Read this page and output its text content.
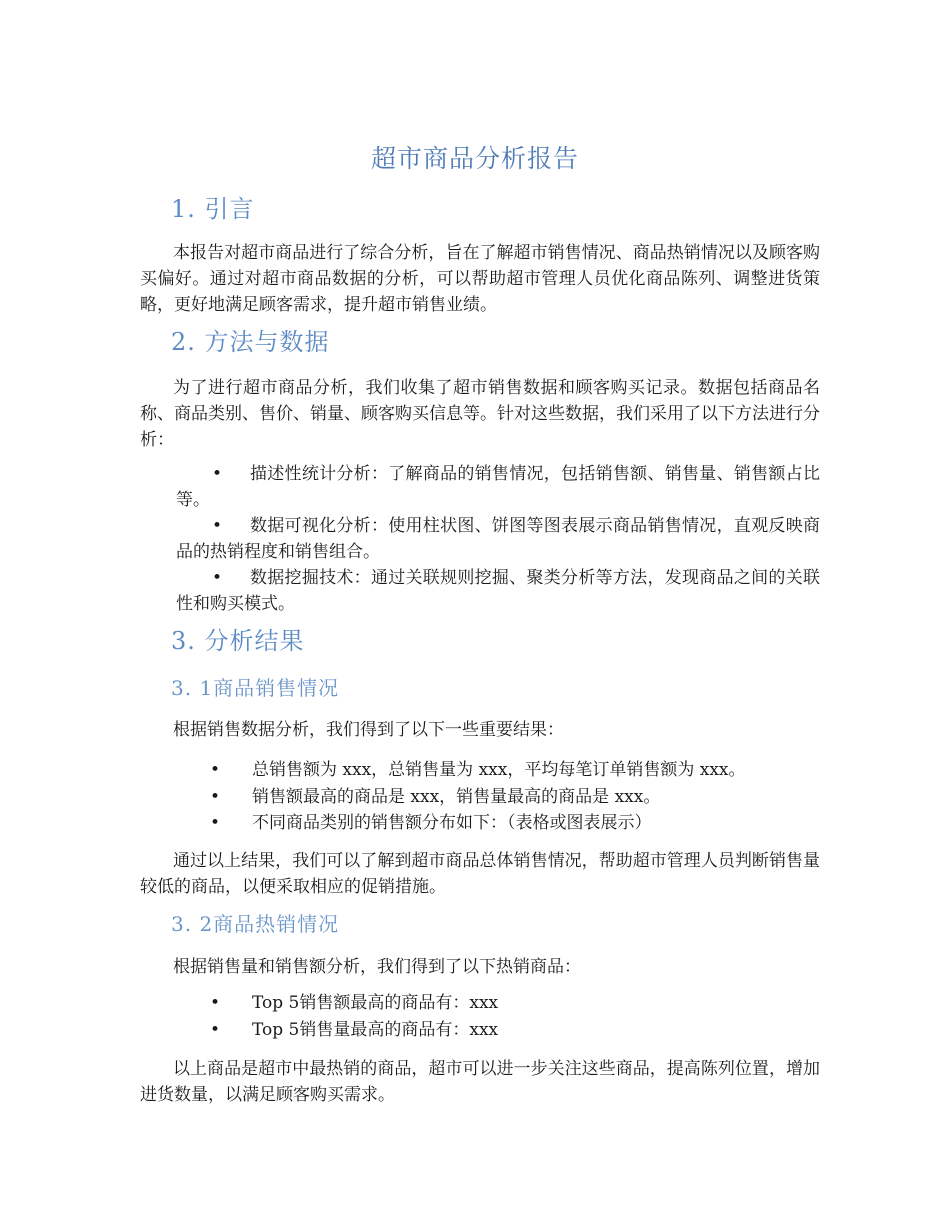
超市商品分析报告
1. 引言

本报告对超市商品进行了综合分析，旨在了解超市销售情况、商品热销情况以及顾客购买偏好。通过对超市商品数据的分析，可以帮助超市管理人员优化商品陈列、调整进货策略，更好地满足顾客需求，提升超市销售业绩。

2. 方法与数据

为了进行超市商品分析，我们收集了超市销售数据和顾客购买记录。数据包括商品名称、商品类别、售价、销量、顾客购买信息等。针对这些数据，我们采用了以下方法进行分析：

• 描述性统计分析：了解商品的销售情况，包括销售额、销售量、销售额占比等。
• 数据可视化分析：使用柱状图、饼图等图表展示商品销售情况，直观反映商品的热销程度和销售组合。
• 数据挖掘技术：通过关联规则挖掘、聚类分析等方法，发现商品之间的关联性和购买模式。
3. 分析结果
3. 1商品销售情况
根据销售数据分析，我们得到了以下一些重要结果：
• 总销售额为 xxx，总销售量为 xxx，平均每笔订单销售额为 xxx。
• 销售额最高的商品是 xxx，销售量最高的商品是 xxx。
• 不同商品类别的销售额分布如下：（表格或图表展示）

通过以上结果，我们可以了解到超市商品总体销售情况，帮助超市管理人员判断销售量较低的商品，以便采取相应的促销措施。

3. 2商品热销情况
根据销售量和销售额分析，我们得到了以下热销商品：
• Top 5销售额最高的商品有：xxx
• Top 5销售量最高的商品有：xxx

以上商品是超市中最热销的商品，超市可以进一步关注这些商品，提高陈列位置，增加进货数量，以满足顾客购买需求。
